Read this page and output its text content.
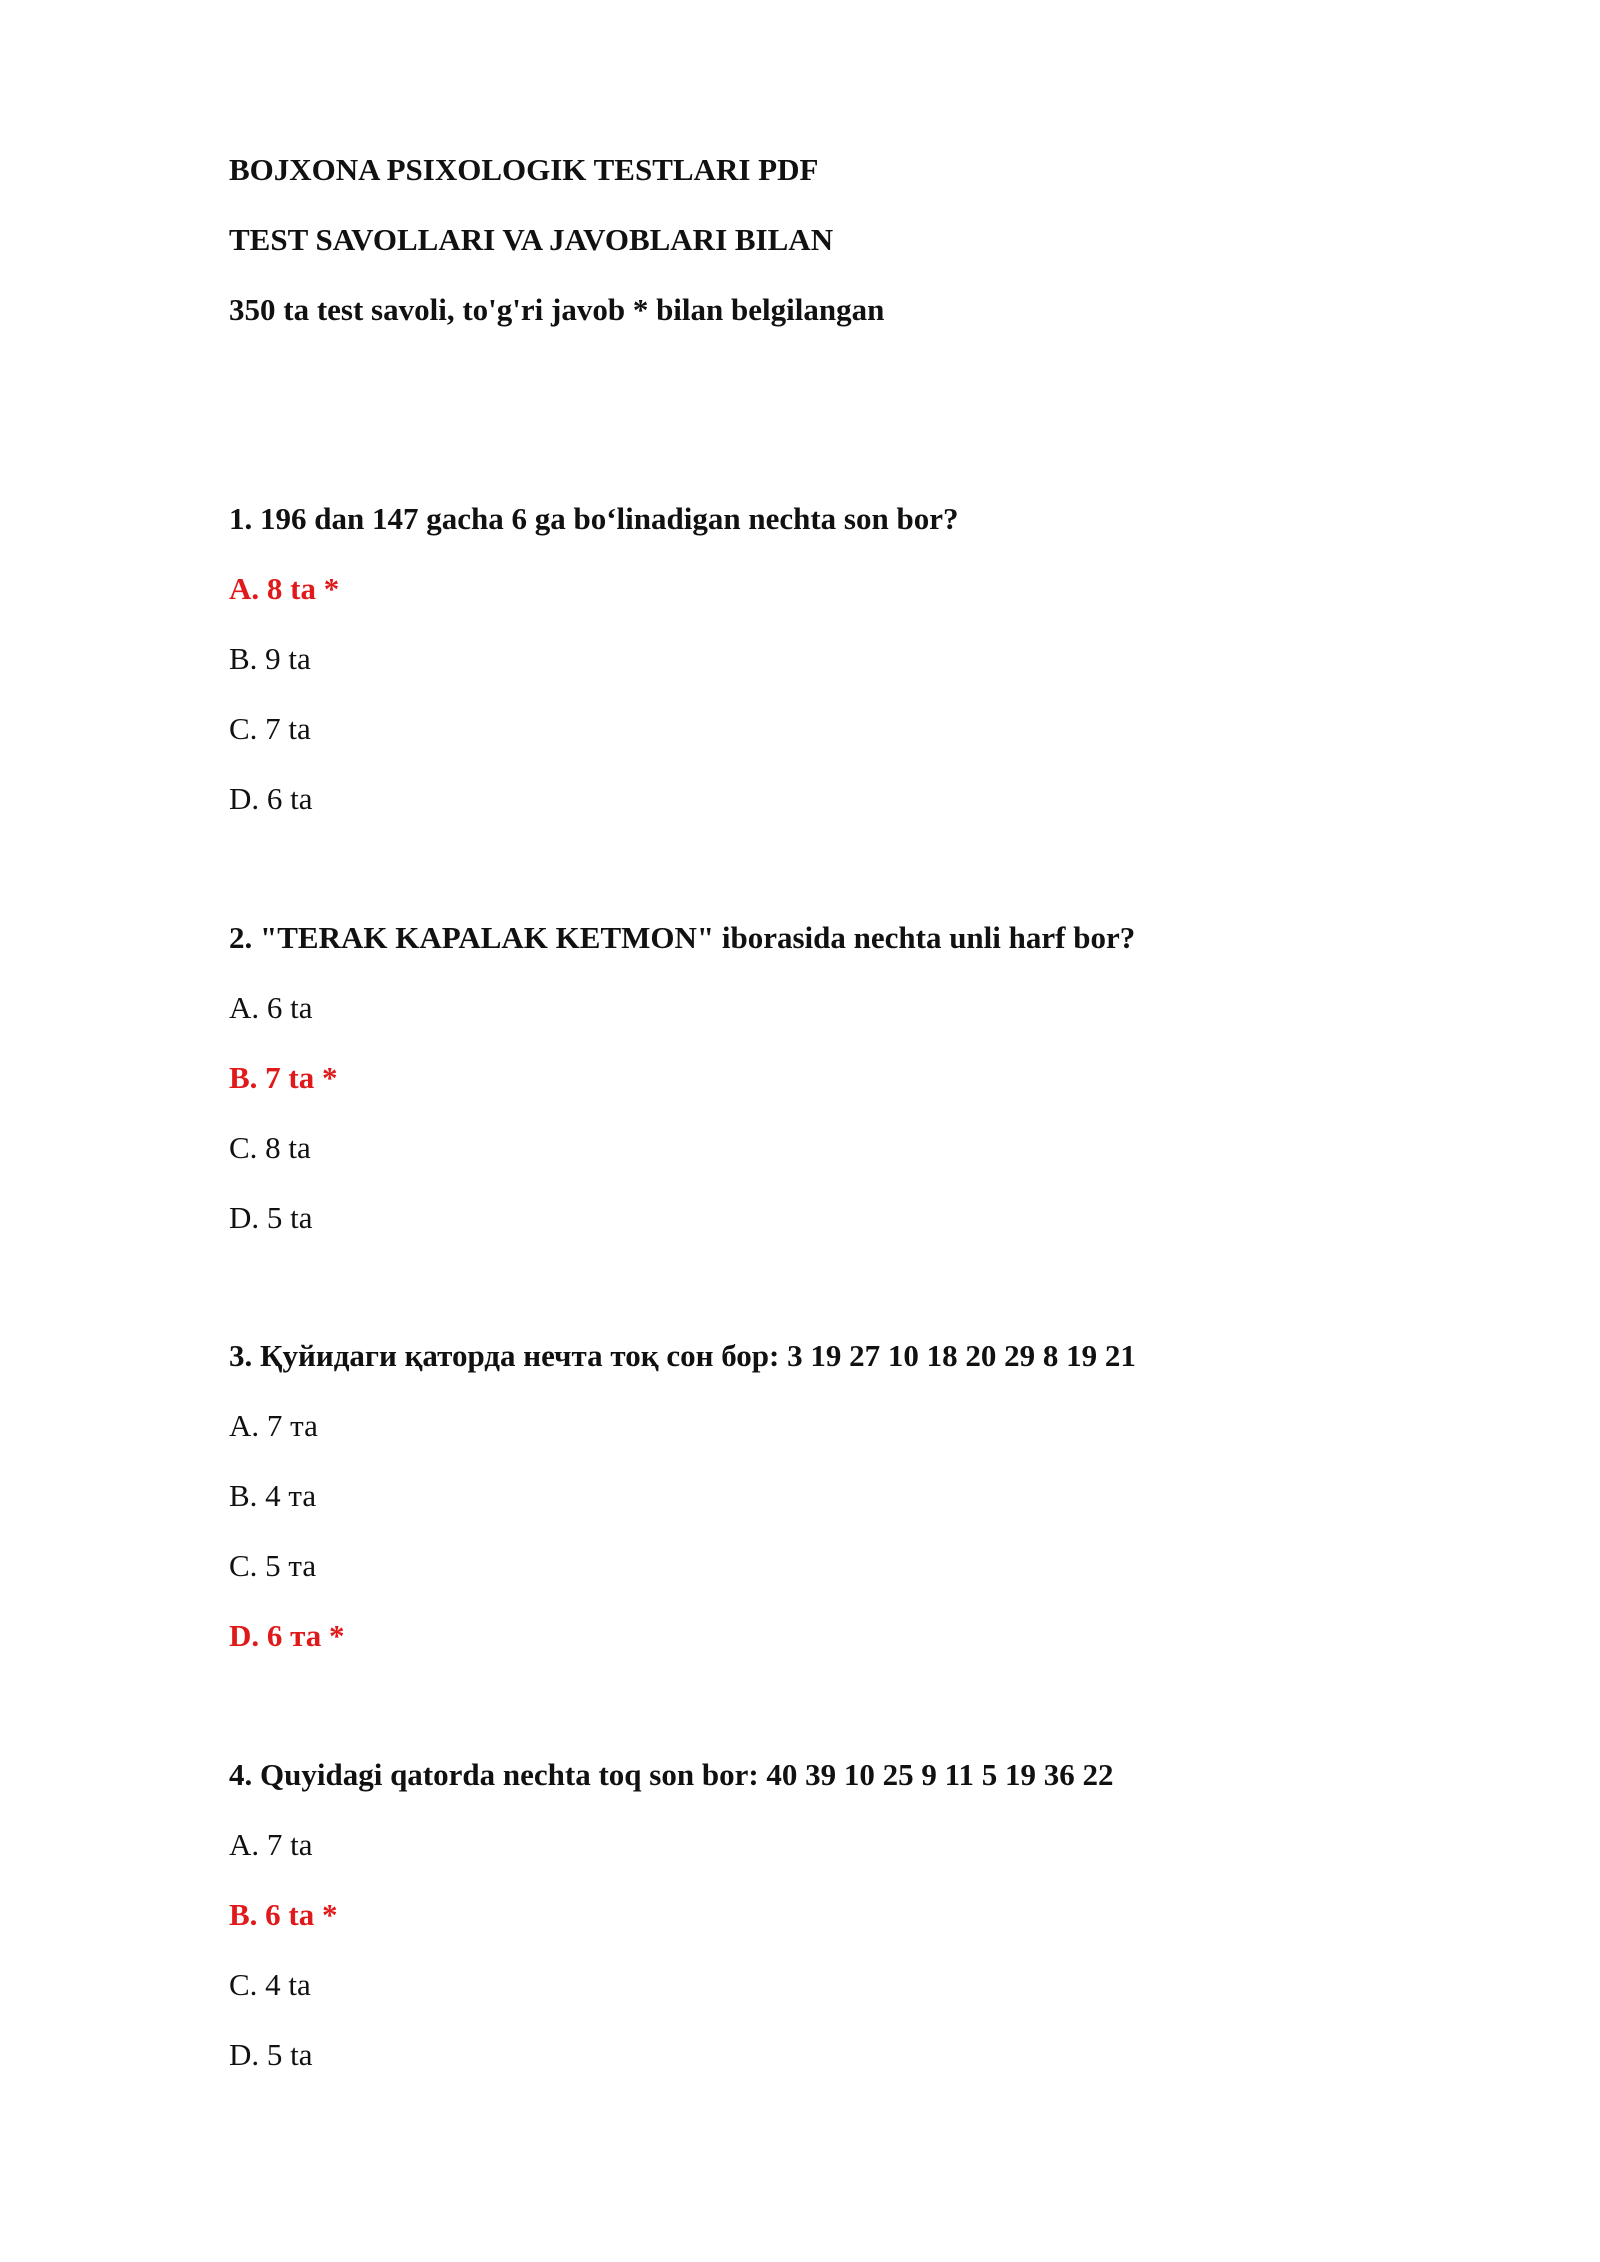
BOJXONA PSIXOLOGIK TESTLARI PDF
TEST SAVOLLARI VA JAVOBLARI BILAN
350 ta test savoli, to'g'ri javob * bilan belgilangan
1. 196 dan 147 gacha 6 ga bo‘linadigan nechta son bor?
A. 8 ta *
B. 9 ta
C. 7 ta
D. 6 ta
2. "TERAK KAPALAK KETMON" iborasida nechta unli harf bor?
A. 6 ta
B. 7 ta *
C. 8 ta
D. 5 ta
3. Қуйидаги қаторда нечта тоқ сон бор: 3 19 27 10 18 20 29 8 19 21
A. 7 та
B. 4 та
C. 5 та
D. 6 та *
4. Quyidagi qatorda nechta toq son bor: 40 39 10 25 9 11 5 19 36 22
A. 7 ta
B. 6 ta *
C. 4 ta
D. 5 ta
